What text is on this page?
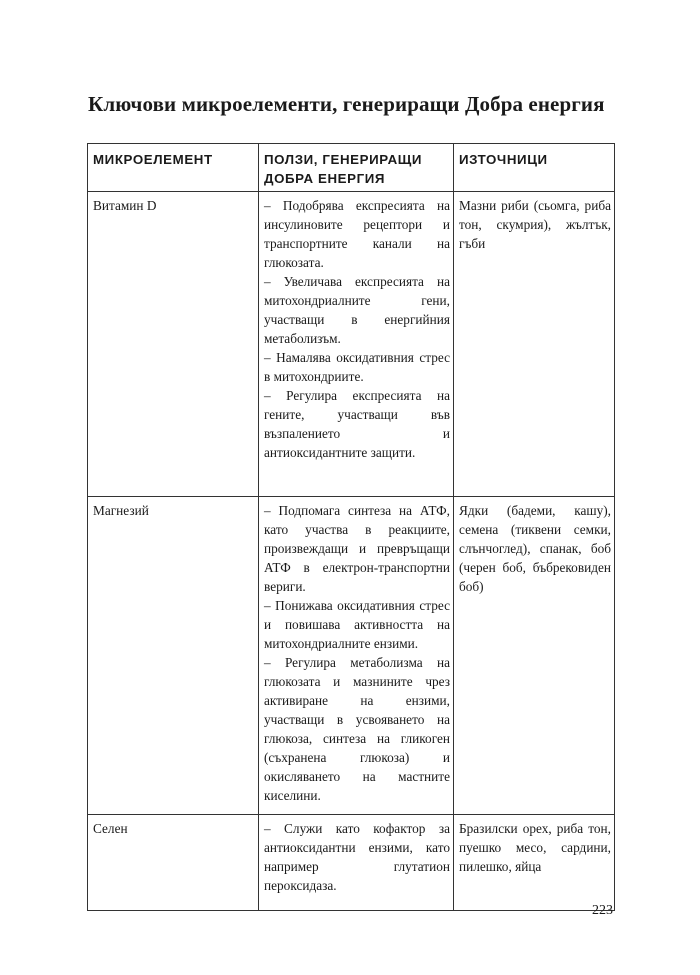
Ключови микроелементи, генериращи Добра енергия
МИКРОЕЛЕМЕНТ	ПОЛЗИ, ГЕНЕРИРАЩИ ДОБРА ЕНЕРГИЯ	ИЗТОЧНИЦИ
Витамин D	– Подобрява експресията на инсулиновите рецептори и транспортните канали на глюкозата.
– Увеличава експресията на митохондриалните гени, участващи в енергийния метаболизъм.
– Намалява оксидативния стрес в митохондриите.
– Регулира експресията на гените, участващи във възпалението и антиоксидантните защити.	Мазни риби (сьомга, риба тон, скумрия), жълтък, гъби
Магнезий	– Подпомага синтеза на АТФ, като участва в реакциите, произвеждащи и превръщащи АТФ в електрон-транспортни вериги.
– Понижава оксидативния стрес и повишава активността на митохондриалните ензими.
– Регулира метаболизма на глюкозата и мазнините чрез активиране на ензими, участващи в усвояването на глюкоза, синтеза на гликоген (съхранена глюкоза) и окисляването на мастните киселини.	Ядки (бадеми, кашу), семена (тиквени семки, слънчоглед), спанак, боб (черен боб, бъбрековиден боб)
Селен	– Служи като кофактор за антиоксидантни ензими, като например глутатион пероксидаза.	Бразилски орех, риба тон, пуешко месо, сардини, пилешко, яйца
223
